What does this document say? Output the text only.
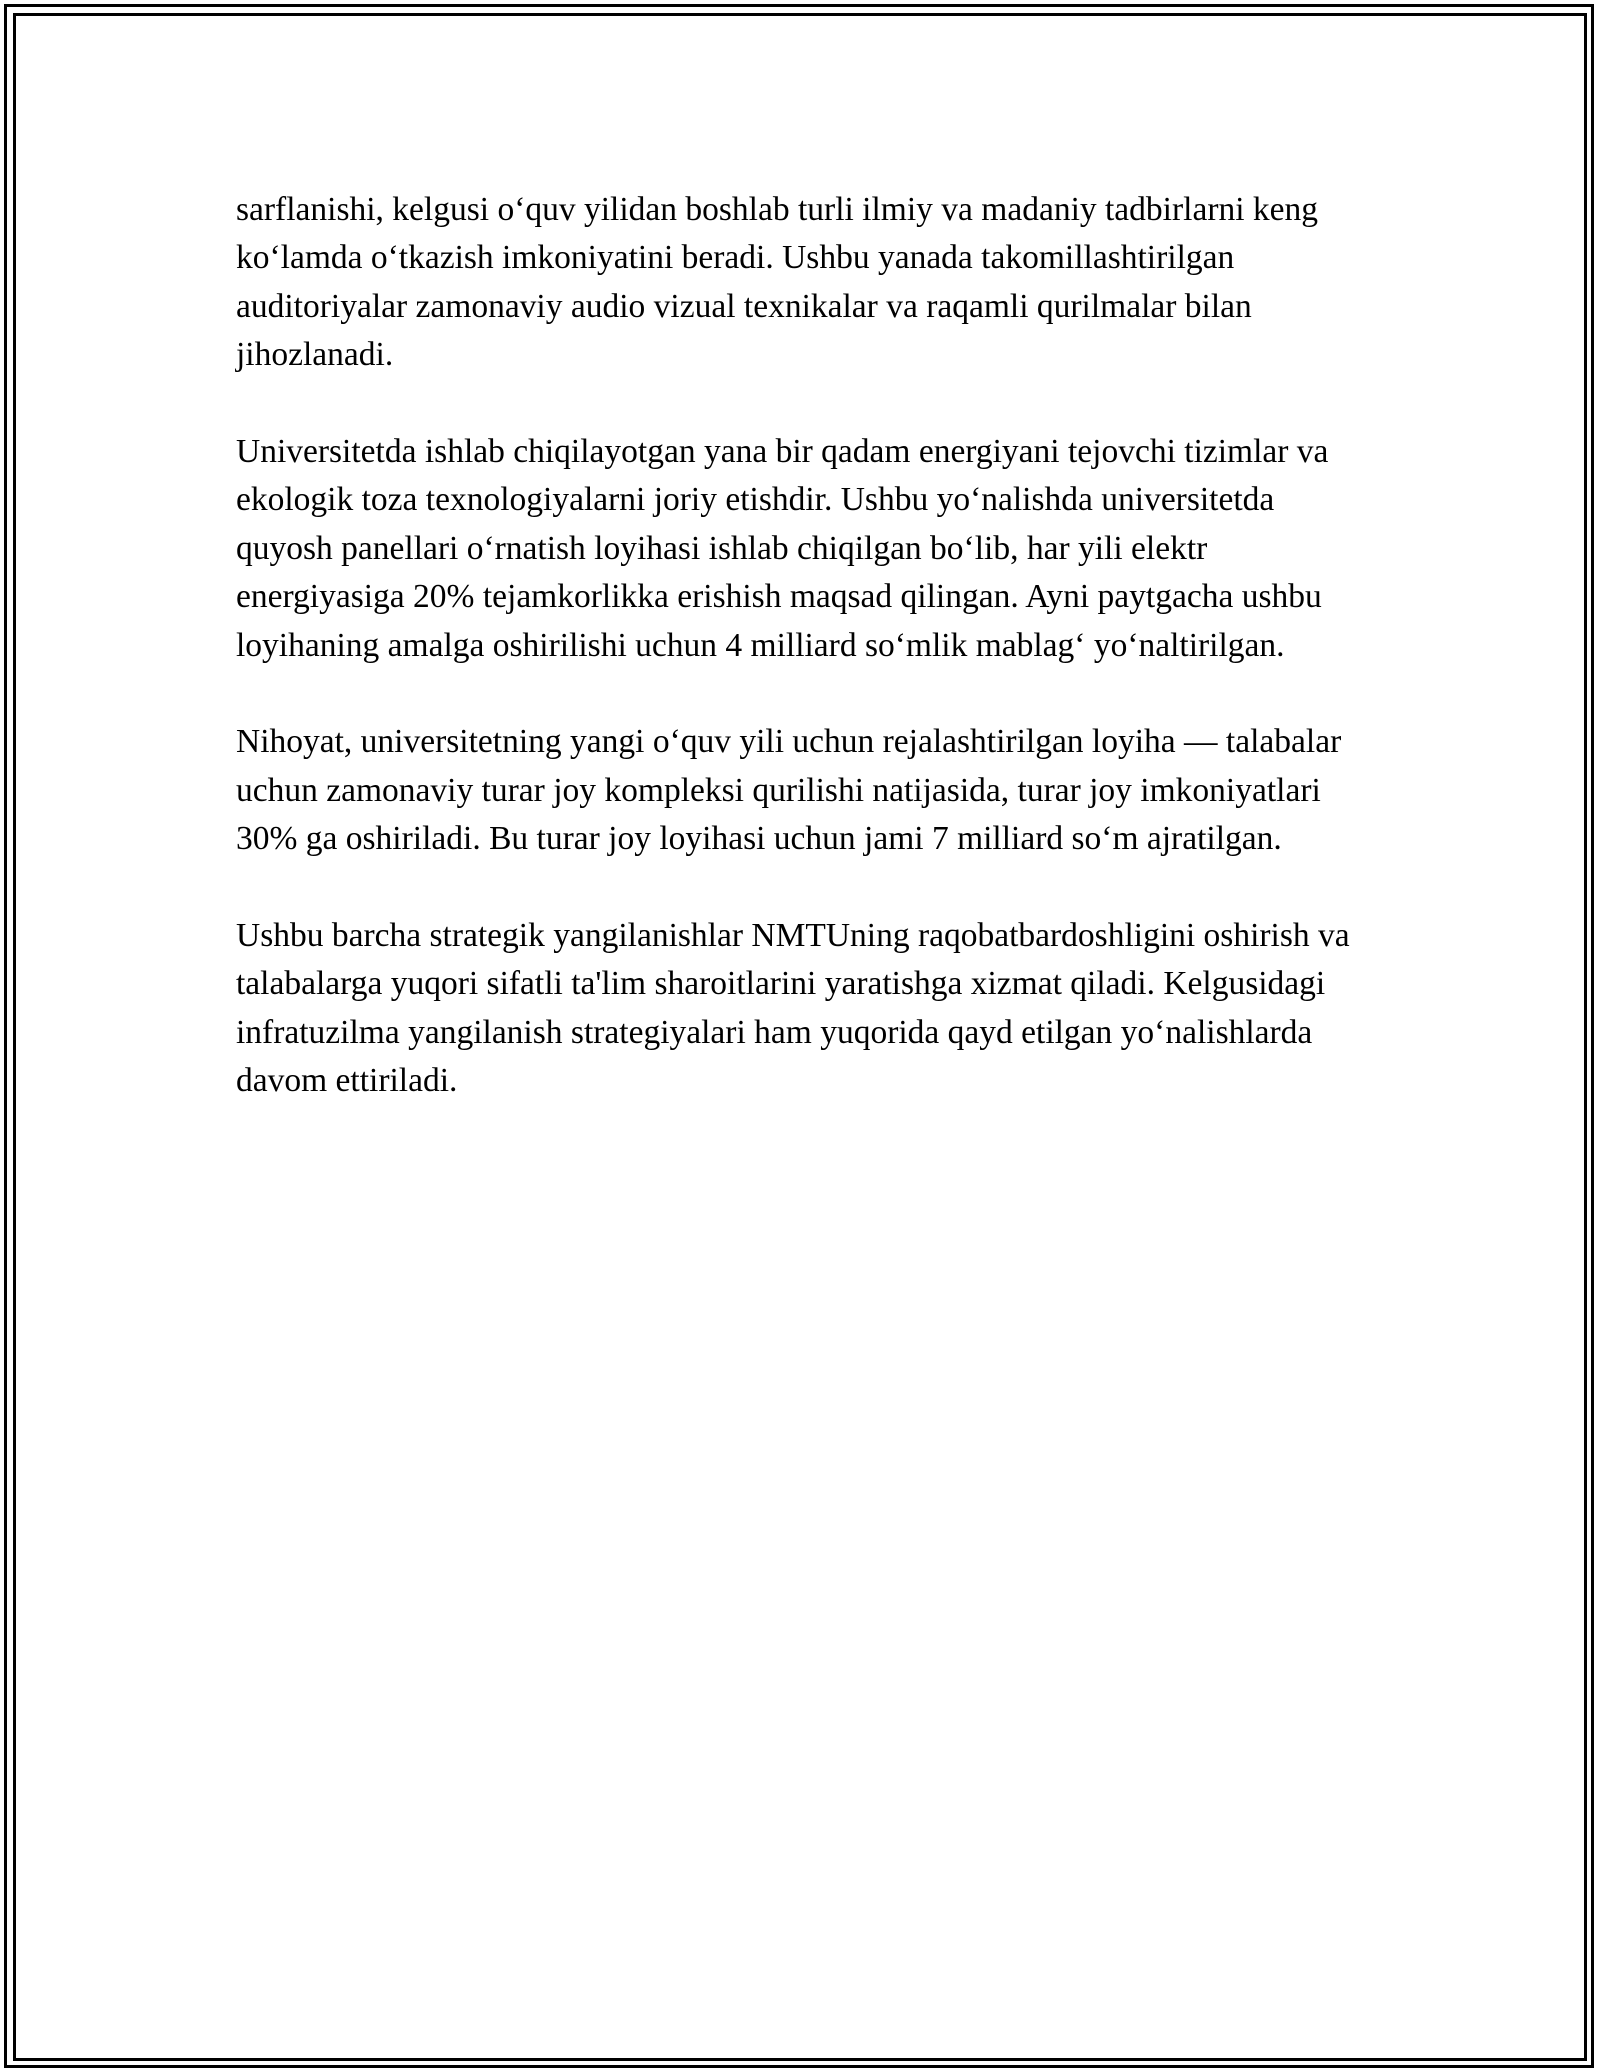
sarflanishi, kelgusi o‘quv yilidan boshlab turli ilmiy va madaniy tadbirlarni keng ko‘lamda o‘tkazish imkoniyatini beradi. Ushbu yanada takomillashtirilgan auditoriyalar zamonaviy audio vizual texnikalar va raqamli qurilmalar bilan jihozlanadi.

Universitetda ishlab chiqilayotgan yana bir qadam energiyani tejovchi tizimlar va ekologik toza texnologiyalarni joriy etishdir. Ushbu yo‘nalishda universitetda quyosh panellari o‘rnatish loyihasi ishlab chiqilgan bo‘lib, har yili elektr energiyasiga 20% tejamkorlikka erishish maqsad qilingan. Ayni paytgacha ushbu loyihaning amalga oshirilishi uchun 4 milliard so‘mlik mablag‘ yo‘naltirilgan.

Nihoyat, universitetning yangi o‘quv yili uchun rejalashtirilgan loyiha — talabalar uchun zamonaviy turar joy kompleksi qurilishi natijasida, turar joy imkoniyatlari 30% ga oshiriladi. Bu turar joy loyihasi uchun jami 7 milliard so‘m ajratilgan.

Ushbu barcha strategik yangilanishlar NMTUning raqobatbardoshligini oshirish va talabalarga yuqori sifatli ta'lim sharoitlarini yaratishga xizmat qiladi. Kelgusidagi infratuzilma yangilanish strategiyalari ham yuqorida qayd etilgan yo‘nalishlarda davom ettiriladi.
